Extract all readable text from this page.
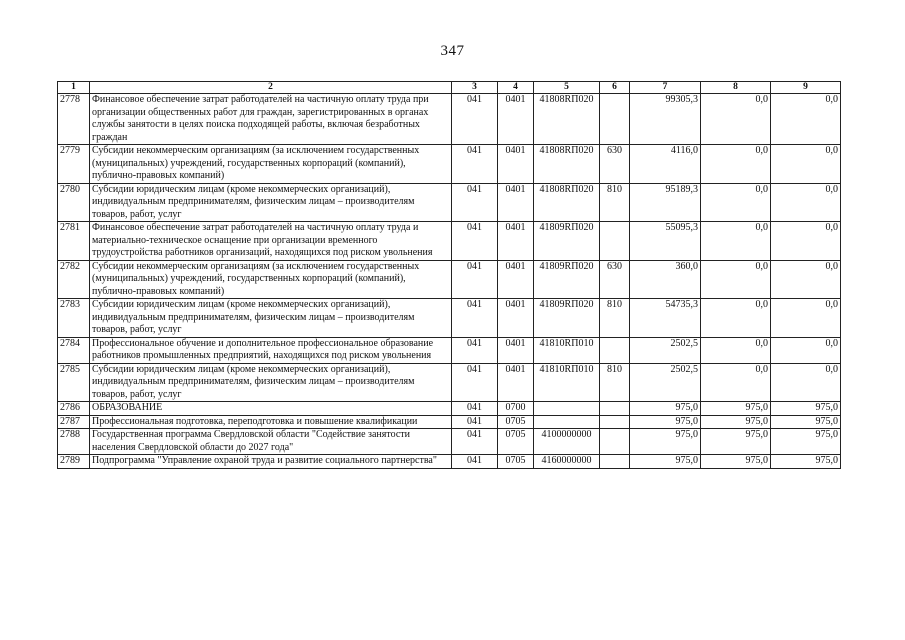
347
1	2	3	4	5	6	7	8	9
2778	Финансовое обеспечение затрат работодателей на частичную оплату труда при организации общественных работ для граждан, зарегистрированных в органах службы занятости в целях поиска подходящей работы, включая безработных граждан	041	0401	41808RП020		99305,3	0,0	0,0
2779	Субсидии некоммерческим организациям (за исключением государственных (муниципальных) учреждений, государственных корпораций (компаний), публично-правовых компаний)	041	0401	41808RП020	630	4116,0	0,0	0,0
2780	Субсидии юридическим лицам (кроме некоммерческих организаций), индивидуальным предпринимателям, физическим лицам – производителям товаров, работ, услуг	041	0401	41808RП020	810	95189,3	0,0	0,0
2781	Финансовое обеспечение затрат работодателей на частичную оплату труда и материально-техническое оснащение при организации временного трудоустройства работников организаций, находящихся под риском увольнения	041	0401	41809RП020		55095,3	0,0	0,0
2782	Субсидии некоммерческим организациям (за исключением государственных (муниципальных) учреждений, государственных корпораций (компаний), публично-правовых компаний)	041	0401	41809RП020	630	360,0	0,0	0,0
2783	Субсидии юридическим лицам (кроме некоммерческих организаций), индивидуальным предпринимателям, физическим лицам – производителям товаров, работ, услуг	041	0401	41809RП020	810	54735,3	0,0	0,0
2784	Профессиональное обучение и дополнительное профессиональное образование работников промышленных предприятий, находящихся под риском увольнения	041	0401	41810RП010		2502,5	0,0	0,0
2785	Субсидии юридическим лицам (кроме некоммерческих организаций), индивидуальным предпринимателям, физическим лицам – производителям товаров, работ, услуг	041	0401	41810RП010	810	2502,5	0,0	0,0
2786	ОБРАЗОВАНИЕ	041	0700			975,0	975,0	975,0
2787	Профессиональная подготовка, переподготовка и повышение квалификации	041	0705			975,0	975,0	975,0
2788	Государственная программа Свердловской области "Содействие занятости населения Свердловской области до 2027 года"	041	0705	4100000000		975,0	975,0	975,0
2789	Подпрограмма "Управление охраной труда и развитие социального партнерства"	041	0705	4160000000		975,0	975,0	975,0
